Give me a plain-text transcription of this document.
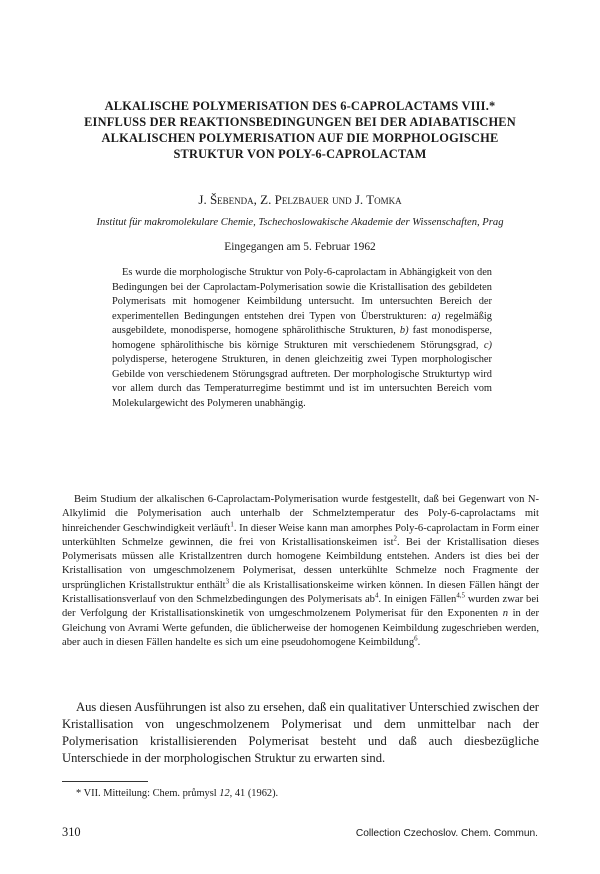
ALKALISCHE POLYMERISATION DES 6-CAPROLACTAMS VIII.*
EINFLUSS DER REAKTIONSBEDINGUNGEN BEI DER ADIABATISCHEN
ALKALISCHEN POLYMERISATION AUF DIE MORPHOLOGISCHE
STRUKTUR VON POLY-6-CAPROLACTAM
J. Šebenda, Z. Pelzbauer und J. Tomka
Institut für makromolekulare Chemie, Tschechoslowakische Akademie der Wissenschaften, Prag
Eingegangen am 5. Februar 1962

Es wurde die morphologische Struktur von Poly-6-caprolactam in Abhängigkeit von den Bedingungen bei der Caprolactam-Polymerisation sowie die Kristallisation des gebildeten Polymerisats mit homogener Keimbildung untersucht. Im untersuchten Bereich der experimentellen Bedingungen entstehen drei Typen von Überstrukturen: a) regelmäßig ausgebildete, monodisperse, homogene sphärolithische Strukturen, b) fast monodisperse, homogene sphärolithische bis körnige Strukturen mit verschiedenem Störungsgrad, c) polydisperse, heterogene Strukturen, in denen gleichzeitig zwei Typen morphologischer Gebilde von verschiedenem Störungsgrad auftreten. Der morphologische Strukturtyp wird vor allem durch das Temperaturregime bestimmt und ist im untersuchten Bereich vom Molekulargewicht des Polymeren unabhängig.

Beim Studium der alkalischen 6-Caprolactam-Polymerisation wurde festgestellt, daß bei Gegenwart von N-Alkylimid die Polymerisation auch unterhalb der Schmelztemperatur des Poly-6-caprolactams mit hinreichender Geschwindigkeit verläuft$^1$. In dieser Weise kann man amorphes Poly-6-caprolactam in Form einer unterkühlten Schmelze gewinnen, die frei von Kristallisationskeimen ist$^2$. Bei der Kristallisation dieses Polymerisats müssen alle Kristallzentren durch homogene Keimbildung entstehen. Anders ist dies bei der Kristallisation von umgeschmolzenem Polymerisat, dessen unterkühlte Schmelze noch Fragmente der ursprünglichen Kristallstruktur enthält$^3$ die als Kristallisationskeime wirken können. In diesen Fällen hängt der Kristallisationsverlauf von den Schmelzbedingungen des Polymerisats $ab^4$. In einigen Fällen$^{4,5}$ wurden zwar bei der Verfolgung der Kristallisationskinetik von umgeschmolzenem Polymerisat für den Exponenten n in der Gleichung von Avrami Werte gefunden, die üblicherweise der homogenen Keimbildung zugeschrieben werden, aber auch in diesen Fällen handelte es sich um eine pseudohomogene Keimbildung$^6$.

Aus diesen Ausführungen ist also zu ersehen, daß ein qualitativer Unterschied zwischen der Kristallisation von ungeschmolzenem Polymerisat und dem unmittelbar nach der Polymerisation kristallisierenden Polymerisat besteht und daß auch diesbezügliche Unterschiede in der morphologischen Struktur zu erwarten sind.

* VII. Mitteilung: Chem. průmysl 12, 41 (1962).
310	Collection Czechoslov. Chem. Commun.
